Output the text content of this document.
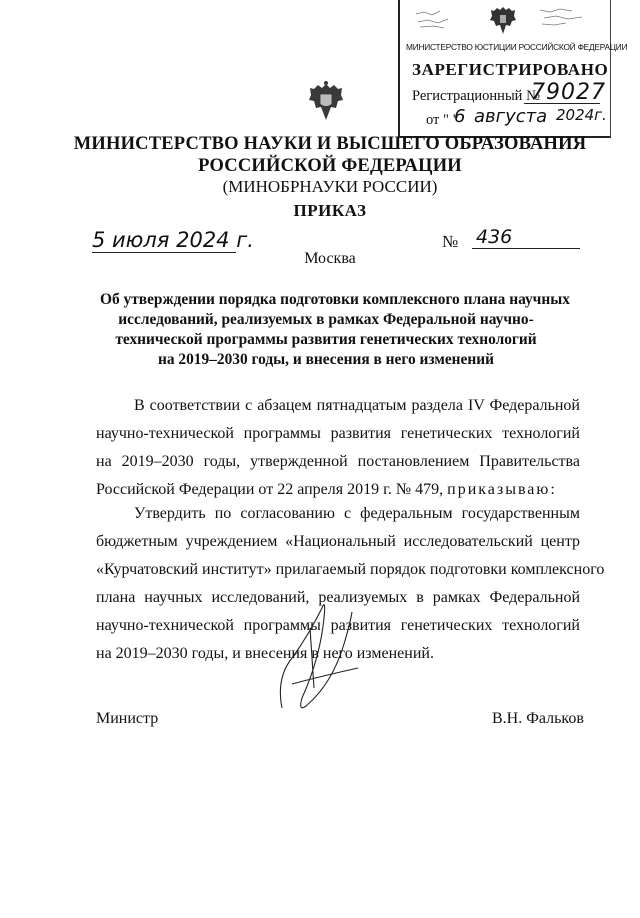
МИНИСТЕРСТВО ЮСТИЦИИ РОССИЙСКОЙ ФЕДЕРАЦИИ
ЗАРЕГИСТРИРОВАНО
Регистрационный №
79027
от " "
6 августа 2024г.
МИНИСТЕРСТВО НАУКИ И ВЫСШЕГО ОБРАЗОВАНИЯ
РОССИЙСКОЙ ФЕДЕРАЦИИ
(МИНОБРНАУКИ РОССИИ)
ПРИКАЗ
5 июля 2024 г.	№ 436
Москва
Об утверждении порядка подготовки комплексного плана научных
исследований, реализуемых в рамках Федеральной научно-
технической программы развития генетических технологий
на 2019–2030 годы, и внесения в него изменений
В соответствии с абзацем пятнадцатым раздела IV Федеральной
научно-технической программы развития генетических технологий
на 2019–2030 годы, утвержденной постановлением Правительства
Российской Федерации от 22 апреля 2019 г. № 479, приказываю:
Утвердить по согласованию с федеральным государственным
бюджетным учреждением «Национальный исследовательский центр
«Курчатовский институт» прилагаемый порядок подготовки комплексного
плана научных исследований, реализуемых в рамках Федеральной
научно-технической программы развития генетических технологий
на 2019–2030 годы, и внесения в него изменений.
Министр	В.Н. Фальков
